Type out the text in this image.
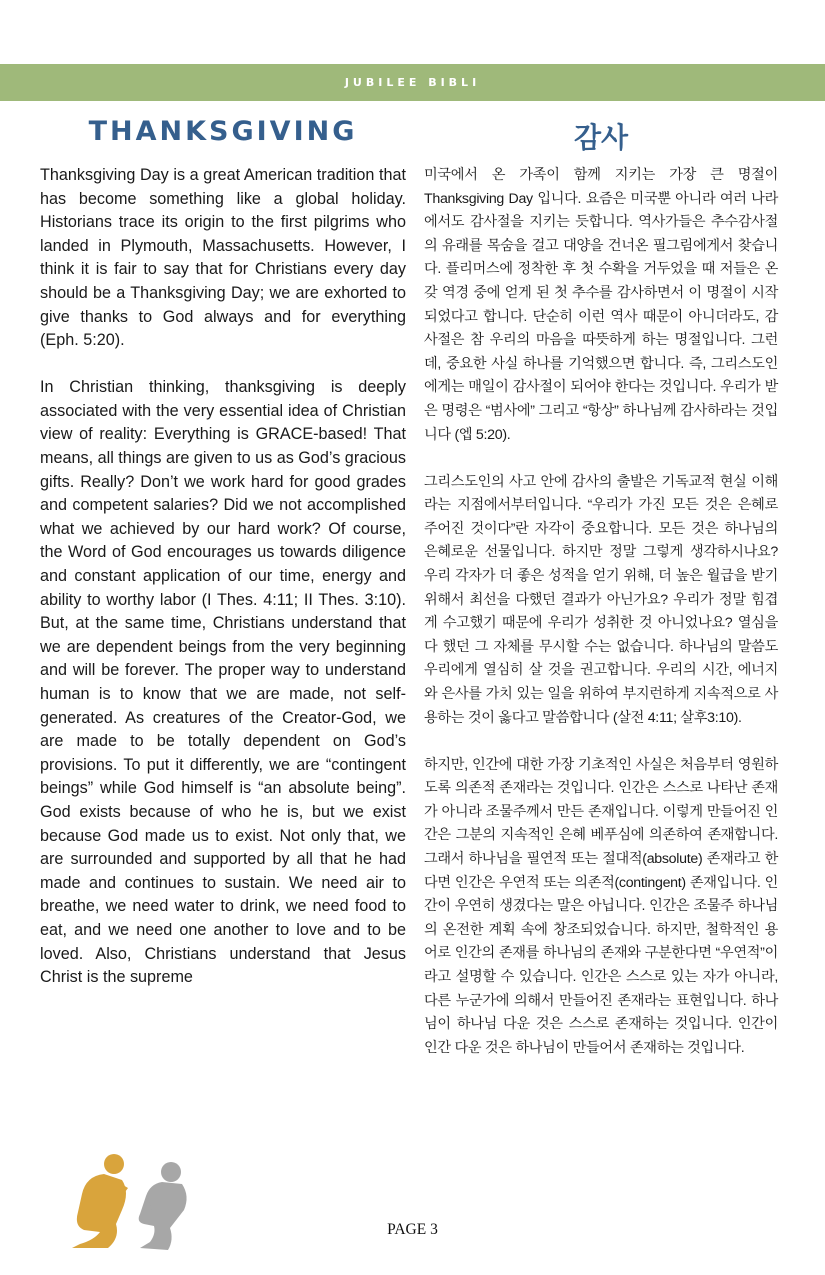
JUBILEE BIBLI
THANKSGIVING	감사

Thanksgiving Day is a great American tradition that has become something like a global holiday. Historians trace its origin to the first pilgrims who landed in Plymouth, Massachusetts. However, I think it is fair to say that for Christians every day should be a Thanksgiving Day; we are exhorted to give thanks to God always and for everything (Eph. 5:20).

In Christian thinking, thanksgiving is deeply associated with the very essential idea of Christian view of reality: Everything is GRACE-based! That means, all things are given to us as God’s gracious gifts. Really? Don’t we work hard for good grades and competent salaries? Did we not accomplished what we achieved by our hard work? Of course, the Word of God encourages us towards diligence and constant application of our time, energy and ability to worthy labor (I Thes. 4:11; II Thes. 3:10). But, at the same time, Christians understand that we are dependent beings from the very beginning and will be forever. The proper way to understand human is to know that we are made, not self-generated. As creatures of the Creator-God, we are made to be totally dependent on God’s provisions. To put it differently, we are “contingent beings” while God himself is “an absolute being”. God exists because of who he is, but we exist because God made us to exist. Not only that, we are surrounded and supported by all that he had made and continues to sustain. We need air to breathe, we need water to drink, we need food to eat, and we need one another to love and to be loved. Also, Christians understand that Jesus Christ is the supreme

미국에서 온 가족이 함께 지키는 가장 큰 명절이 Thanksgiving Day 입니다. 요즘은 미국뿐 아니라 여러 나라에서도 감사절을 지키는 듯합니다. 역사가들은 추수감사절의 유래를 목숨을 걸고 대양을 건너온 필그림에게서 찾습니다. 플리머스에 정착한 후 첫 수확을 거두었을 때 저들은 온갖 역경 중에 얻게 된 첫 추수를 감사하면서 이 명절이 시작되었다고 합니다. 단순히 이런 역사 때문이 아니더라도, 감사절은 참 우리의 마음을 따뜻하게 하는 명절입니다. 그런데, 중요한 사실 하나를 기억했으면 합니다. 즉, 그리스도인에게는 매일이 감사절이 되어야 한다는 것입니다. 우리가 받은 명령은 “범사에” 그리고 “항상” 하나님께 감사하라는 것입니다 (엡 5:20).

그리스도인의 사고 안에 감사의 출발은 기독교적 현실 이해라는 지점에서부터입니다. “우리가 가진 모든 것은 은혜로 주어진 것이다”란 자각이 중요합니다. 모든 것은 하나님의 은혜로운 선물입니다. 하지만 정말 그렇게 생각하시나요? 우리 각자가 더 좋은 성적을 얻기 위해, 더 높은 월급을 받기 위해서 최선을 다했던 결과가 아닌가요? 우리가 정말 힘겹게 수고했기 때문에 우리가 성취한 것 아니었나요? 열심을 다 했던 그 자체를 무시할 수는 없습니다. 하나님의 말씀도 우리에게 열심히 살 것을 권고합니다. 우리의 시간, 에너지와 은사를 가치 있는 일을 위하여 부지런하게 지속적으로 사용하는 것이 옳다고 말씀합니다 (살전 4:11; 살후3:10).

하지만, 인간에 대한 가장 기초적인 사실은 처음부터 영원하도록 의존적 존재라는 것입니다. 인간은 스스로 나타난 존재가 아니라 조물주께서 만든 존재입니다. 이렇게 만들어진 인간은 그분의 지속적인 은혜 베푸심에 의존하여 존재합니다. 그래서 하나님을 필연적 또는 절대적(absolute) 존재라고 한다면 인간은 우연적 또는 의존적(contingent) 존재입니다. 인간이 우연히 생겼다는 말은 아닙니다. 인간은 조물주 하나님의 온전한 계획 속에 창조되었습니다. 하지만, 철학적인 용어로 인간의 존재를 하나님의 존재와 구분한다면 “우연적”이라고 설명할 수 있습니다. 인간은 스스로 있는 자가 아니라, 다른 누군가에 의해서 만들어진 존재라는 표현입니다. 하나님이 하나님 다운 것은 스스로 존재하는 것입니다. 인간이 인간 다운 것은 하나님이 만들어서 존재하는 것입니다.

PAGE 3
